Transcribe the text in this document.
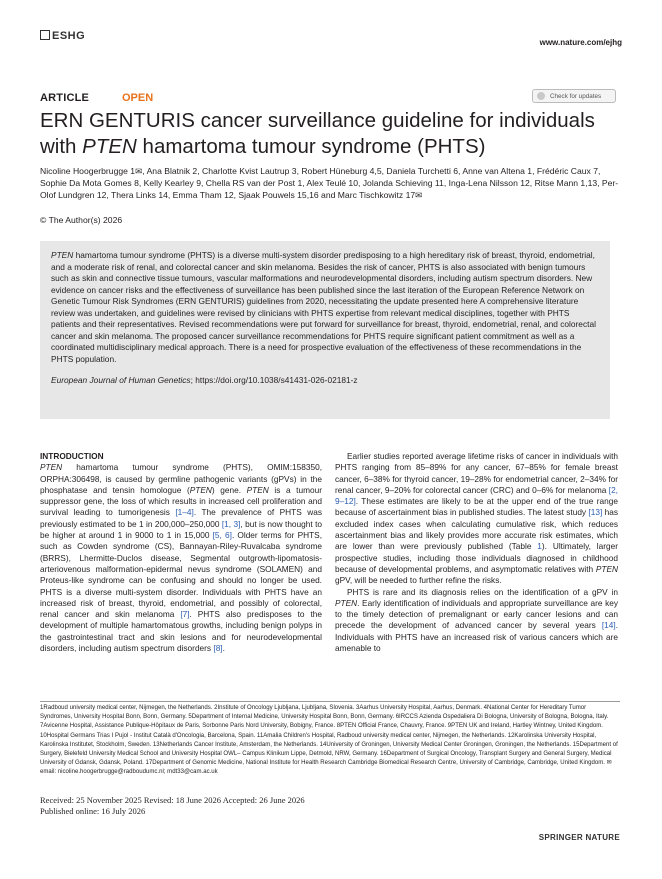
ESHG
www.nature.com/ejhg
ARTICLE	OPEN	Check for updates
ERN GENTURIS cancer surveillance guideline for individuals with PTEN hamartoma tumour syndrome (PHTS)
Nicoline Hoogerbrugge 1✉, Ana Blatnik 2, Charlotte Kvist Lautrup 3, Robert Hüneburg 4,5, Daniela Turchetti 6, Anne van Altena 1, Frédéric Caux 7, Sophie Da Mota Gomes 8, Kelly Kearley 9, Chella RS van der Post 1, Alex Teulé 10, Jolanda Schieving 11, Inga-Lena Nilsson 12, Ritse Mann 1,13, Per-Olof Lundgren 12, Thera Links 14, Emma Tham 12, Sjaak Pouwels 15,16 and Marc Tischkowitz 17✉
© The Author(s) 2026

PTEN hamartoma tumour syndrome (PHTS) is a diverse multi-system disorder predisposing to a high hereditary risk of breast, thyroid, endometrial, and a moderate risk of renal, and colorectal cancer and skin melanoma. Besides the risk of cancer, PHTS is also associated with benign tumours such as skin and connective tissue tumours, vascular malformations and neurodevelopmental disorders, including autism spectrum disorders. New evidence on cancer risks and the effectiveness of surveillance has been published since the last iteration of the European Reference Network on Genetic Tumour Risk Syndromes (ERN GENTURIS) guidelines from 2020, necessitating the update presented here A comprehensive literature review was undertaken, and guidelines were revised by clinicians with PHTS expertise from relevant medical disciplines, together with PHTS patients and their representatives. Revised recommendations were put forward for surveillance for breast, thyroid, endometrial, renal, and colorectal cancer and skin melanoma. The proposed cancer surveillance recommendations for PHTS require significant patient commitment as well as a coordinated multidisciplinary medical approach. There is a need for prospective evaluation of the effectiveness of these recommendations in the PHTS population.

European Journal of Human Genetics; https://doi.org/10.1038/s41431-026-02181-z

INTRODUCTION

PTEN hamartoma tumour syndrome (PHTS), OMIM:158350, ORPHA:306498, is caused by germline pathogenic variants (gPVs) in the phosphatase and tensin homologue (PTEN) gene. PTEN is a tumour suppressor gene, the loss of which results in increased cell proliferation and survival leading to tumorigenesis [1–4]. The prevalence of PHTS was previously estimated to be 1 in 200,000–250,000 [1, 3], but is now thought to be higher at around 1 in 9000 to 1 in 15,000 [5, 6]. Older terms for PHTS, such as Cowden syndrome (CS), Bannayan-Riley-Ruvalcaba syndrome (BRRS), Lhermitte-Duclos disease, Segmental outgrowth-lipomatosis-arteriovenous malformation-epidermal nevus syndrome (SOLAMEN) and Proteus-like syndrome can be confusing and should no longer be used. PHTS is a diverse multi-system disorder. Individuals with PHTS have an increased risk of breast, thyroid, endometrial, and possibly of colorectal, renal cancer and skin melanoma [7]. PHTS also predisposes to the development of multiple hamartomatous growths, including benign polyps in the gastrointestinal tract and skin lesions and for neurodevelopmental disorders, including autism spectrum disorders [8].

Earlier studies reported average lifetime risks of cancer in individuals with PHTS ranging from 85–89% for any cancer, 67–85% for female breast cancer, 6–38% for thyroid cancer, 19–28% for endometrial cancer, 2–34% for renal cancer, 9–20% for colorectal cancer (CRC) and 0–6% for melanoma [2, 9–12]. These estimates are likely to be at the upper end of the true range because of ascertainment bias in published studies. The latest study [13] has excluded index cases when calculating cumulative risk, which reduces ascertainment bias and likely provides more accurate risk estimates, which are lower than were previously published (Table 1). Ultimately, larger prospective studies, including those individuals diagnosed in childhood because of developmental problems, and asymptomatic relatives with PTEN gPV, will be needed to further refine the risks.

PHTS is rare and its diagnosis relies on the identification of a gPV in PTEN. Early identification of individuals and appropriate surveillance are key to the timely detection of premalignant or early cancer lesions and can precede the development of advanced cancer by several years [14]. Individuals with PHTS have an increased risk of various cancers which are amenable to

1Radboud university medical center, Nijmegen, the Netherlands. 2Institute of Oncology Ljubljana, Ljubljana, Slovenia. 3Aarhus University Hospital, Aarhus, Denmark. 4National Center for Hereditary Tumor Syndromes, University Hospital Bonn, Bonn, Germany. 5Department of Internal Medicine, University Hospital Bonn, Bonn, Germany. 6IRCCS Azienda Ospedaliera Di Bologna, University of Bologna, Bologna, Italy. 7Avicenne Hospital, Assistance Publique-Hôpitaux de Paris, Sorbonne Paris Nord University, Bobigny, France. 8PTEN Official France, Chauvry, France. 9PTEN UK and Ireland, Hartley Wintney, United Kingdom. 10Hospital Germans Trias I Pujol - Institut Català d'Oncologia, Barcelona, Spain. 11Amalia Children's Hospital, Radboud university medical center, Nijmegen, the Netherlands. 12Karolinska University Hospital, Karolinska Institutet, Stockholm, Sweden. 13Netherlands Cancer Institute, Amsterdam, the Netherlands. 14University of Groningen, University Medical Center Groningen, Groningen, the Netherlands. 15Department of Surgery, Bielefeld University Medical School and University Hospital OWL– Campus Klinikum Lippe, Detmold, NRW, Germany. 16Department of Surgical Oncology, Transplant Surgery and General Surgery, Medical University of Gdansk, Gdansk, Poland. 17Department of Genomic Medicine, National Institute for Health Research Cambridge Biomedical Research Centre, University of Cambridge, Cambridge, United Kingdom. ✉email: nicoline.hoogerbrugge@radboudumc.nl; mdt33@cam.ac.uk
Received: 25 November 2025 Revised: 18 June 2026 Accepted: 26 June 2026
Published online: 16 July 2026
SPRINGER NATURE
